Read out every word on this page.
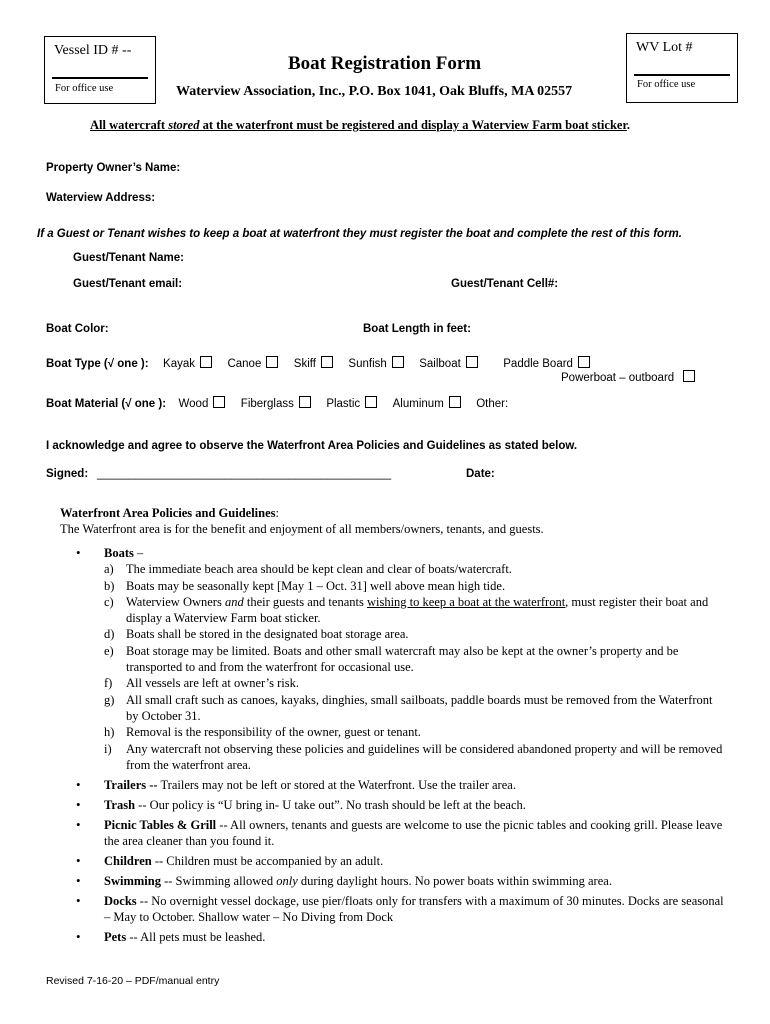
Vessel ID # --
For office use
WV Lot #
For office use
Boat Registration Form
Waterview Association, Inc., P.O. Box 1041, Oak Bluffs, MA 02557
All watercraft stored at the waterfront must be registered and display a Waterview Farm boat sticker.
Property Owner’s Name:
Waterview Address:
If a Guest or Tenant wishes to keep a boat at waterfront they must register the boat and complete the rest of this form.
Guest/Tenant Name:
Guest/Tenant email:	Guest/Tenant Cell#:
Boat Color:	Boat Length in feet:
Boat Type (√ one ): Kayak	Canoe	Skiff	Sunfish	Sailboat	Paddle Board
Powerboat – outboard
Boat Material (√ one ): Wood	Fiberglass	Plastic	Aluminum	Other:
I acknowledge and agree to observe the Waterfront Area Policies and Guidelines as stated below.
Signed: ______________________________________________	Date:
Waterfront Area Policies and Guidelines:
The Waterfront area is for the benefit and enjoyment of all members/owners, tenants, and guests.
• Boats –
a) The immediate beach area should be kept clean and clear of boats/watercraft.
b) Boats may be seasonally kept [May 1 – Oct. 31] well above mean high tide.
c) Waterview Owners and their guests and tenants wishing to keep a boat at the waterfront, must register their boat and display a Waterview Farm boat sticker.
d) Boats shall be stored in the designated boat storage area.
e) Boat storage may be limited. Boats and other small watercraft may also be kept at the owner’s property and be transported to and from the waterfront for occasional use.
f) All vessels are left at owner’s risk.
g) All small craft such as canoes, kayaks, dinghies, small sailboats, paddle boards must be removed from the Waterfront by October 31.
h) Removal is the responsibility of the owner, guest or tenant.
i) Any watercraft not observing these policies and guidelines will be considered abandoned property and will be removed from the waterfront area.
• Trailers -- Trailers may not be left or stored at the Waterfront. Use the trailer area.
• Trash -- Our policy is “U bring in- U take out”. No trash should be left at the beach.
• Picnic Tables & Grill -- All owners, tenants and guests are welcome to use the picnic tables and cooking grill. Please leave the area cleaner than you found it.
• Children -- Children must be accompanied by an adult.
• Swimming -- Swimming allowed only during daylight hours. No power boats within swimming area.
• Docks -- No overnight vessel dockage, use pier/floats only for transfers with a maximum of 30 minutes. Docks are seasonal – May to October. Shallow water – No Diving from Dock
• Pets -- All pets must be leashed.
Revised 7-16-20 – PDF/manual entry
